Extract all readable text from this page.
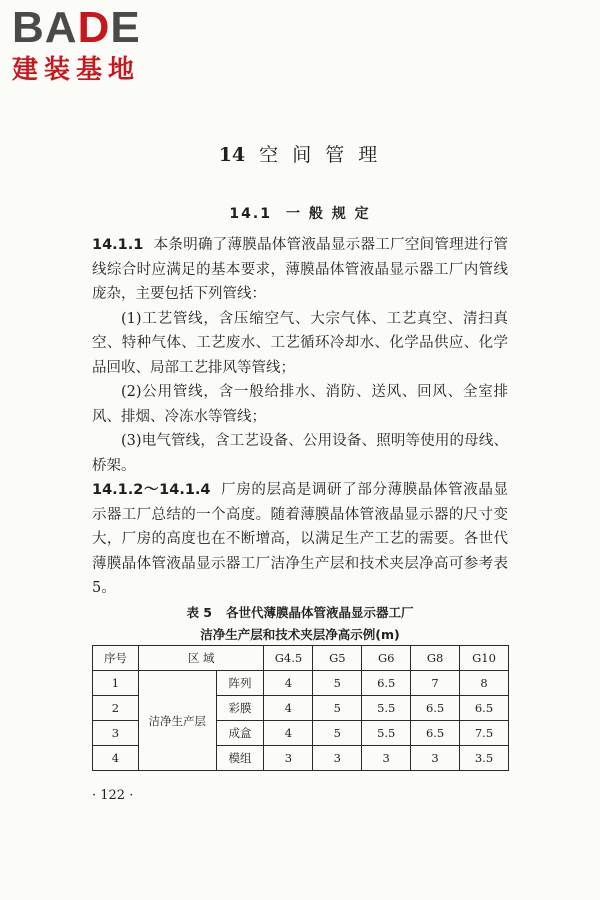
BADE
建装基地
14 空 间 管 理
14.1 一 般 规 定

14.1.1 本条明确了薄膜晶体管液晶显示器工厂空间管理进行管线综合时应满足的基本要求，薄膜晶体管液晶显示器工厂内管线庞杂，主要包括下列管线：

(1)工艺管线，含压缩空气、大宗气体、工艺真空、清扫真空、特种气体、工艺废水、工艺循环冷却水、化学品供应、化学品回收、局部工艺排风等管线；

(2)公用管线，含一般给排水、消防、送风、回风、全室排风、排烟、冷冻水等管线；

(3)电气管线，含工艺设备、公用设备、照明等使用的母线、桥架。

14.1.2～14.1.4 厂房的层高是调研了部分薄膜晶体管液晶显示器工厂总结的一个高度。随着薄膜晶体管液晶显示器的尺寸变大，厂房的高度也在不断增高，以满足生产工艺的需要。各世代薄膜晶体管液晶显示器工厂洁净生产层和技术夹层净高可参考表5。

表 5 各世代薄膜晶体管液晶显示器工厂
洁净生产层和技术夹层净高示例(m)
序号	区 域		G4.5	G5	G6	G8	G10
1	洁净生产层	阵列	4	5	6.5	7	8
2		彩膜	4	5	5.5	6.5	6.5
3		成盒	4	5	5.5	6.5	7.5
4		模组	3	3	3	3	3.5
· 122 ·
